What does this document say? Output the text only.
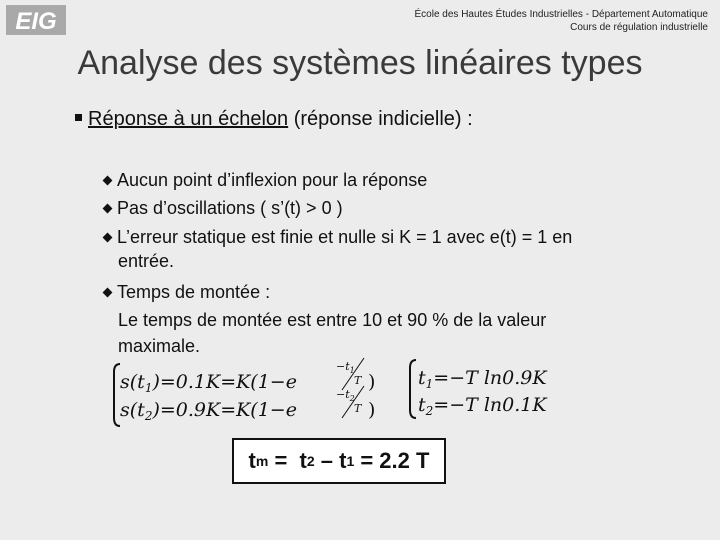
EIG	École des Hautes Études Industrielles - Département Automatique
Cours de régulation industrielle
Analyse des systèmes linéaires types
Réponse à un échelon (réponse indicielle) :
Aucun point d’inflexion pour la réponse
Pas d’oscillations ( s’(t) > 0 )
L’erreur statique est finie et nulle si K = 1 avec e(t) = 1 en
entrée.
Temps de montée :
Le temps de montée est entre 10 et 90 % de la valeur
maximale.
$s(t_1)=0.1K=K(1-e$
$s(t_2)=0.9K=K(1-e$
$-t_1$
T
$-t_2$
T
)
)
$t_1=-T$ ln0.9K
$t_2=-T$ ln0.1K
t m =  t 2 – t 1 = 2.2 T
